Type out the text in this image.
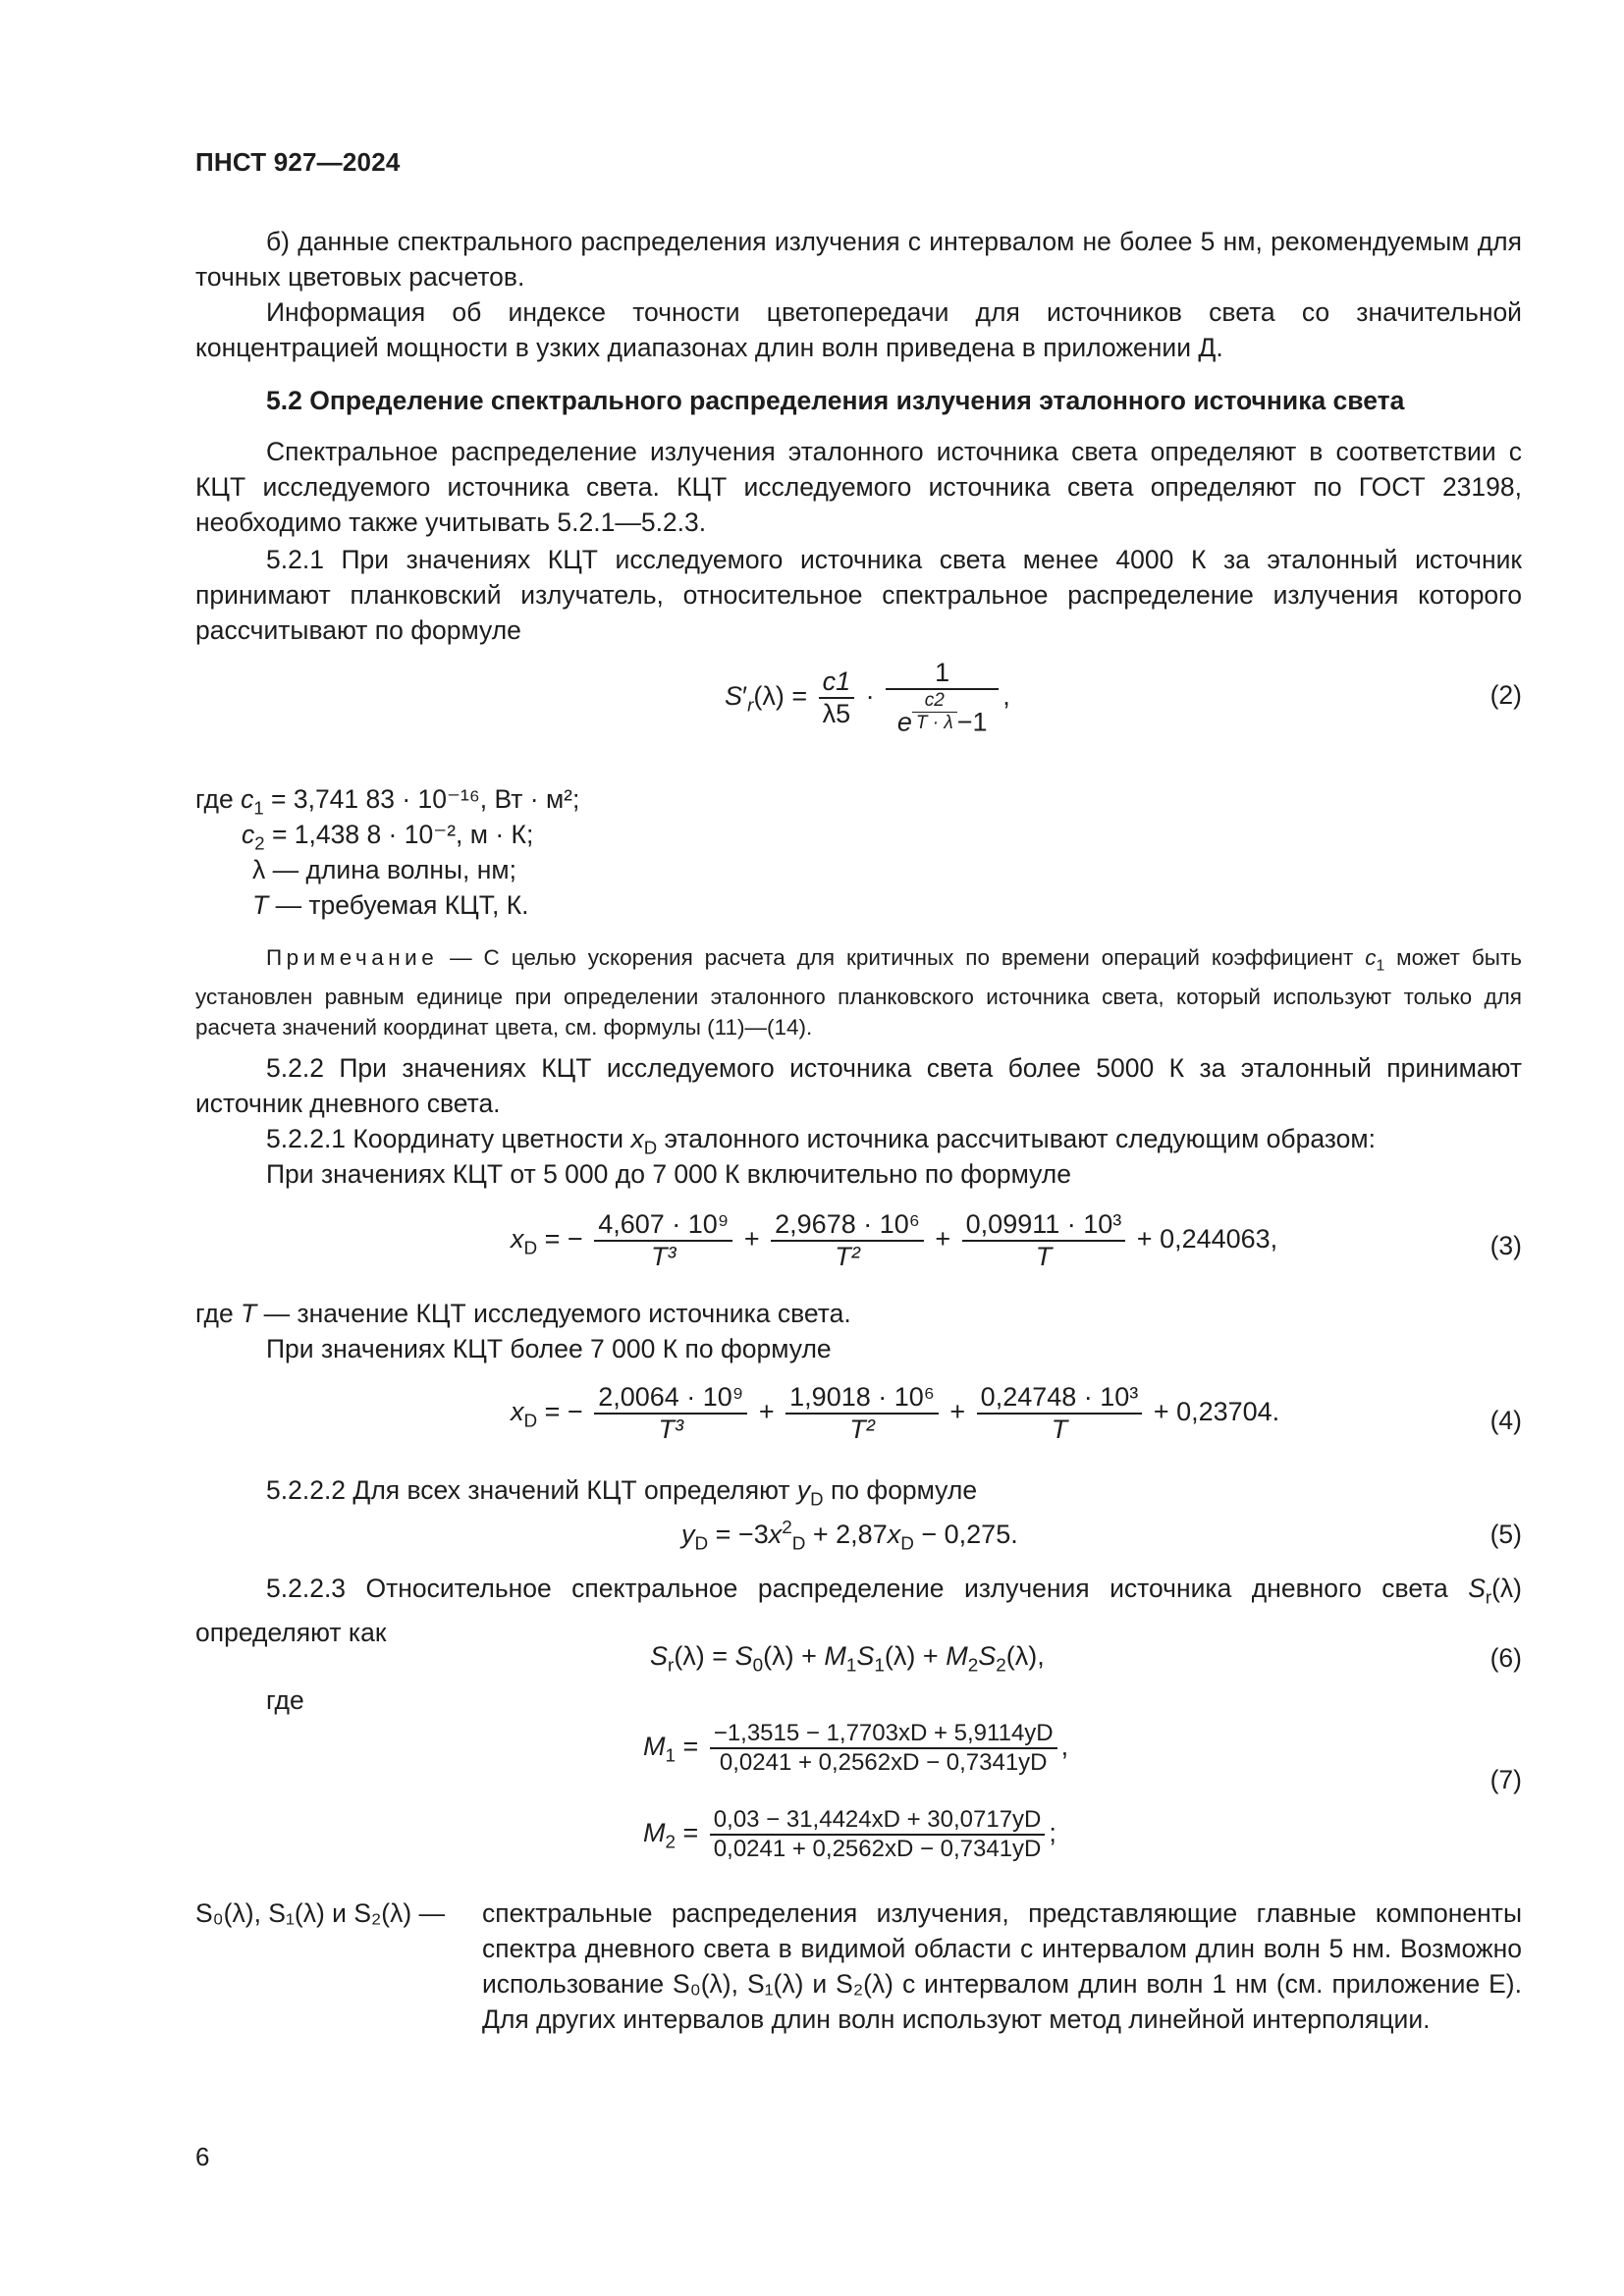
ПНСТ 927—2024
б) данные спектрального распределения излучения с интервалом не более 5 нм, рекомендуемым для точных цветовых расчетов.
Информация об индексе точности цветопередачи для источников света со значительной концентрацией мощности в узких диапазонах длин волн приведена в приложении Д.
5.2 Определение спектрального распределения излучения эталонного источника света
Спектральное распределение излучения эталонного источника света определяют в соответствии с КЦТ исследуемого источника света. КЦТ исследуемого источника света определяют по ГОСТ 23198, необходимо также учитывать 5.2.1—5.2.3.
5.2.1 При значениях КЦТ исследуемого источника света менее 4000 К за эталонный источник принимают планковский излучатель, относительное спектральное распределение излучения которого рассчитывают по формуле
$S'_r(\lambda) = \frac{c1}{\lambda 5} \cdot 1$
e $^{\frac{c2}{T \cdot \lambda}}$ −1 ,	(2)
где $c_1 = 3,741$ 83 · 10⁻¹⁶, Вт · м²;
$c_2 = 1,438$ 8 · 10⁻², м · К;
λ — длина волны, нм;
T — требуемая КЦТ, К.
Примечание — С целью ускорения расчета для критичных по времени операций коэффициент $c_1$ может быть установлен равным единице при определении эталонного планковского источника света, который используют только для расчета значений координат цвета, см. формулы (11)—(14).
5.2.2 При значениях КЦТ исследуемого источника света более 5000 К за эталонный принимают источник дневного света.
5.2.2.1 Координату цветности $x_D$ эталонного источника рассчитывают следующим образом:
При значениях КЦТ от 5 000 до 7 000 К включительно по формуле
$x_D$ = − $\frac{\text{4,607 · 10⁹}}{\text{T³}} + \frac{\text{2,9678 · 10⁶}}{\text{T²}} + \frac{\text{0,09911 · 10³}}{T} + 0,244063$,	(3)
где T — значение КЦТ исследуемого источника света.
При значениях КЦТ более 7 000 К по формуле
$x_D$ = − $\frac{\text{2,0064 · 10⁹}}{\text{T³}} + \frac{\text{1,9018 · 10⁶}}{\text{T²}} + \frac{\text{0,24748 · 10³}}{T} + 0,23704$.	(4)
5.2.2.2 Для всех значений КЦТ определяют $y_D$ по формуле
$y_D = -3x^2_D + 2,87x_D - 0,275$.	(5)
5.2.2.3 Относительное спектральное распределение излучения источника дневного света $S_r(\lambda)$ определяют как
$S_r(\lambda) = S_0(\lambda) + M_1S_1(\lambda) + M_2S_2(\lambda)$,	(6)
где
$M_1 = \frac{-1,3515 - 1,7703xD + 5,9114yD}{0,0241 + 0,2562xD - 0,7341yD}$ ,
$M_2 = \frac{0,03 - 31,4424xD + 30,0717yD}{0,0241 + 0,2562xD - 0,7341yD}$ ;
(7)
S₀(λ), S₁(λ) и S₂(λ) —	спектральные распределения излучения, представляющие главные компоненты спектра дневного света в видимой области с интервалом длин волн 5 нм. Возможно использование S₀(λ), S₁(λ) и S₂(λ) с интервалом длин волн 1 нм (см. приложение Е). Для других интервалов длин волн используют метод линейной интерполяции.
6
